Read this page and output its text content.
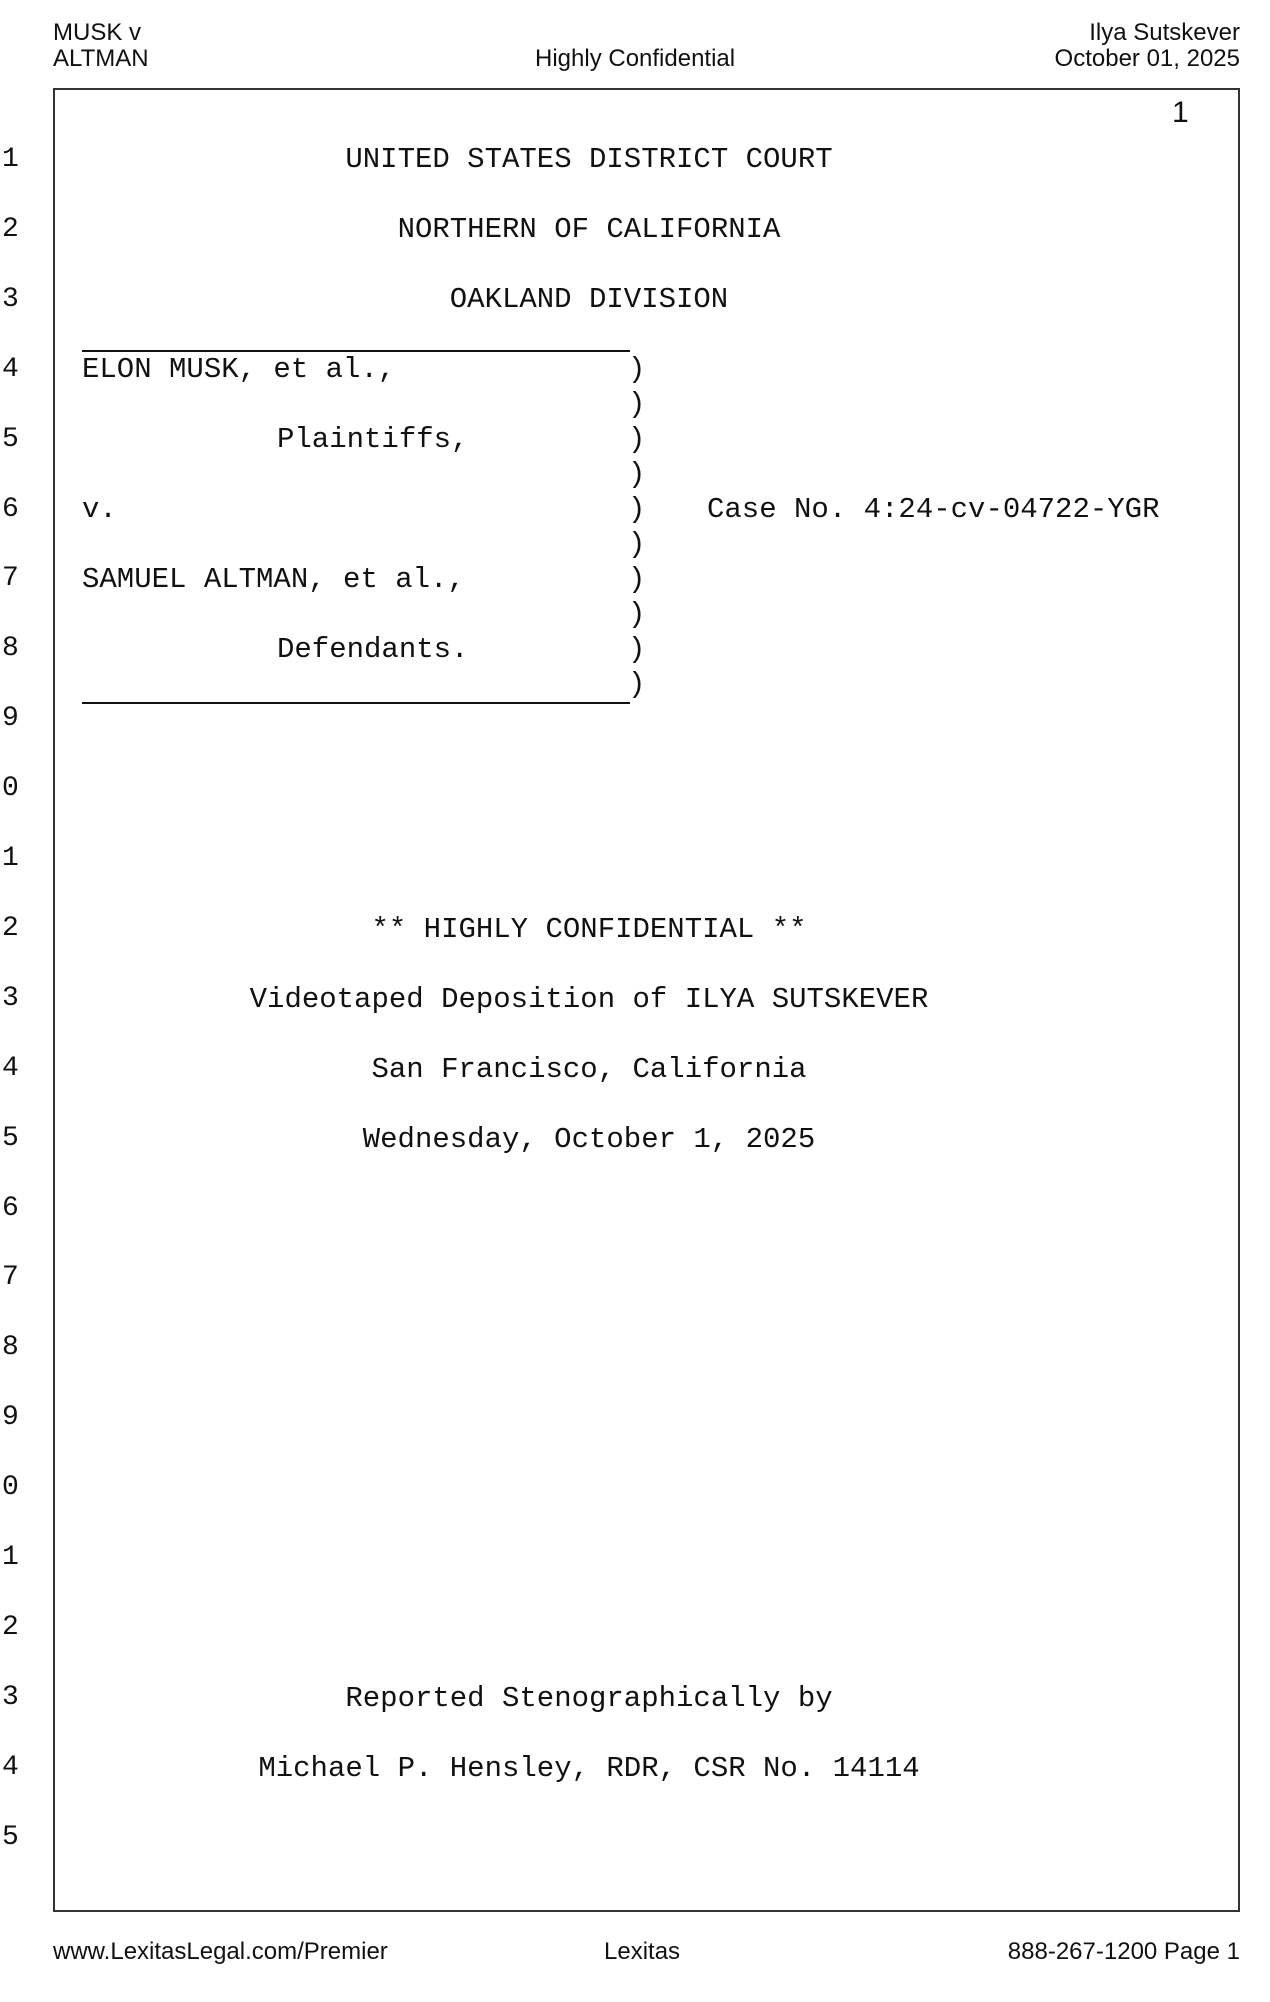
MUSK v
ALTMAN	Highly Confidential
Ilya Sutskever
October 01, 2025
1
1
2
3
4
5
6
7
8
9
0
1
2
3
4
5
6
7
8
9
0
1
2
3
4
5
UNITED STATES DISTRICT COURT
NORTHERN OF CALIFORNIA
OAKLAND DIVISION
ELON MUSK, et al.,
Plaintiffs,
v.
SAMUEL ALTMAN, et al.,
Defendants.
)
)
)
)
)
)
)
)
)
)
Case No. 4:24-cv-04722-YGR
** HIGHLY CONFIDENTIAL **
Videotaped Deposition of ILYA SUTSKEVER
San Francisco, California
Wednesday, October 1, 2025
Reported Stenographically by
Michael P. Hensley, RDR, CSR No. 14114
www.LexitasLegal.com/Premier	Lexitas	888-267-1200 Page 1
